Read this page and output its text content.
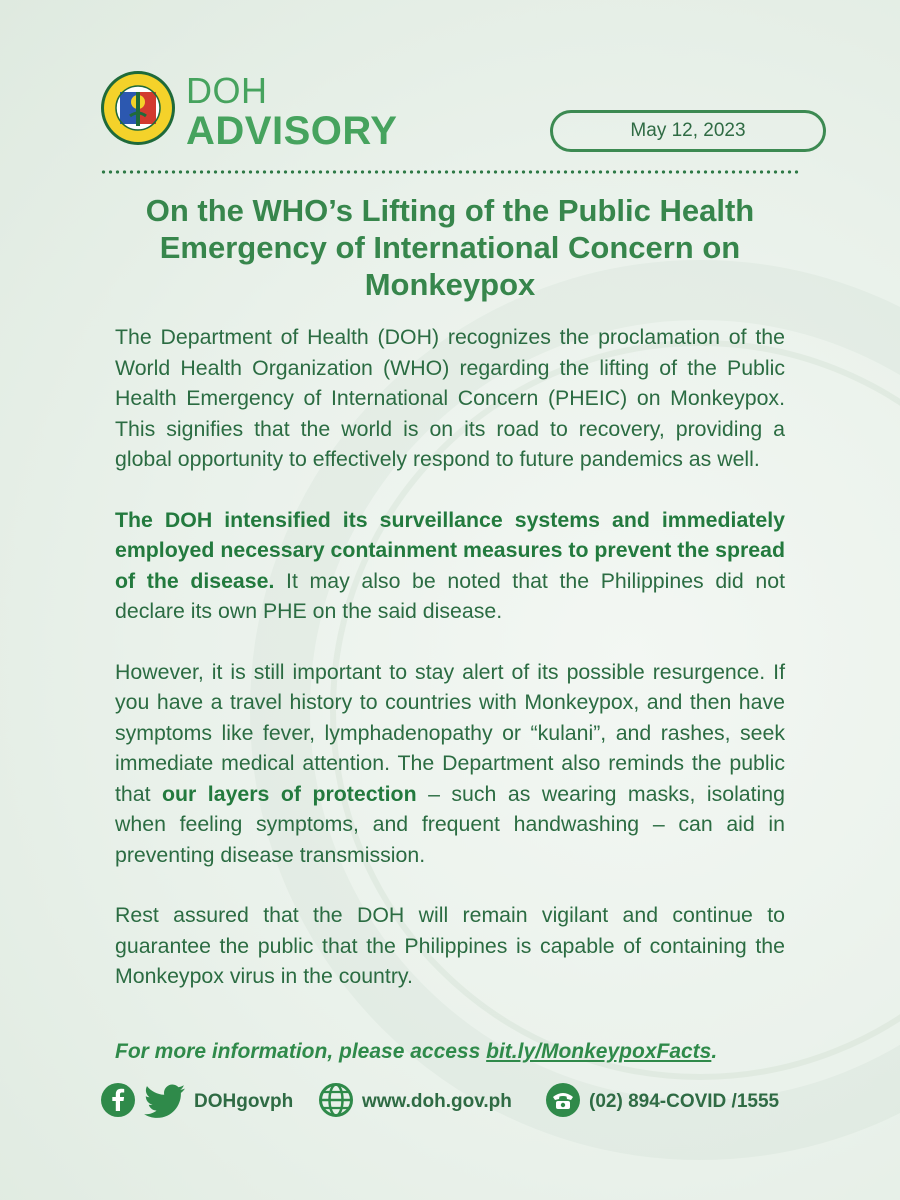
DOH
ADVISORY	May 12, 2023
On the WHO’s Lifting of the Public Health Emergency of International Concern on Monkeypox

The Department of Health (DOH) recognizes the proclamation of the World Health Organization (WHO) regarding the lifting of the Public Health Emergency of International Concern (PHEIC) on Monkeypox. This signifies that the world is on its road to recovery, providing a global opportunity to effectively respond to future pandemics as well.

The DOH intensified its surveillance systems and immediately employed necessary containment measures to prevent the spread of the disease. It may also be noted that the Philippines did not declare its own PHE on the said disease.

However, it is still important to stay alert of its possible resurgence. If you have a travel history to countries with Monkeypox, and then have symptoms like fever, lymphadenopathy or “kulani”, and rashes, seek immediate medical attention. The Department also reminds the public that our layers of protection – such as wearing masks, isolating when feeling symptoms, and frequent handwashing – can aid in preventing disease transmission.

Rest assured that the DOH will remain vigilant and continue to guarantee the public that the Philippines is capable of containing the Monkeypox virus in the country.

For more information, please access bit.ly/MonkeypoxFacts.
DOHgovph	www.doh.gov.ph	(02) 894-COVID /1555
